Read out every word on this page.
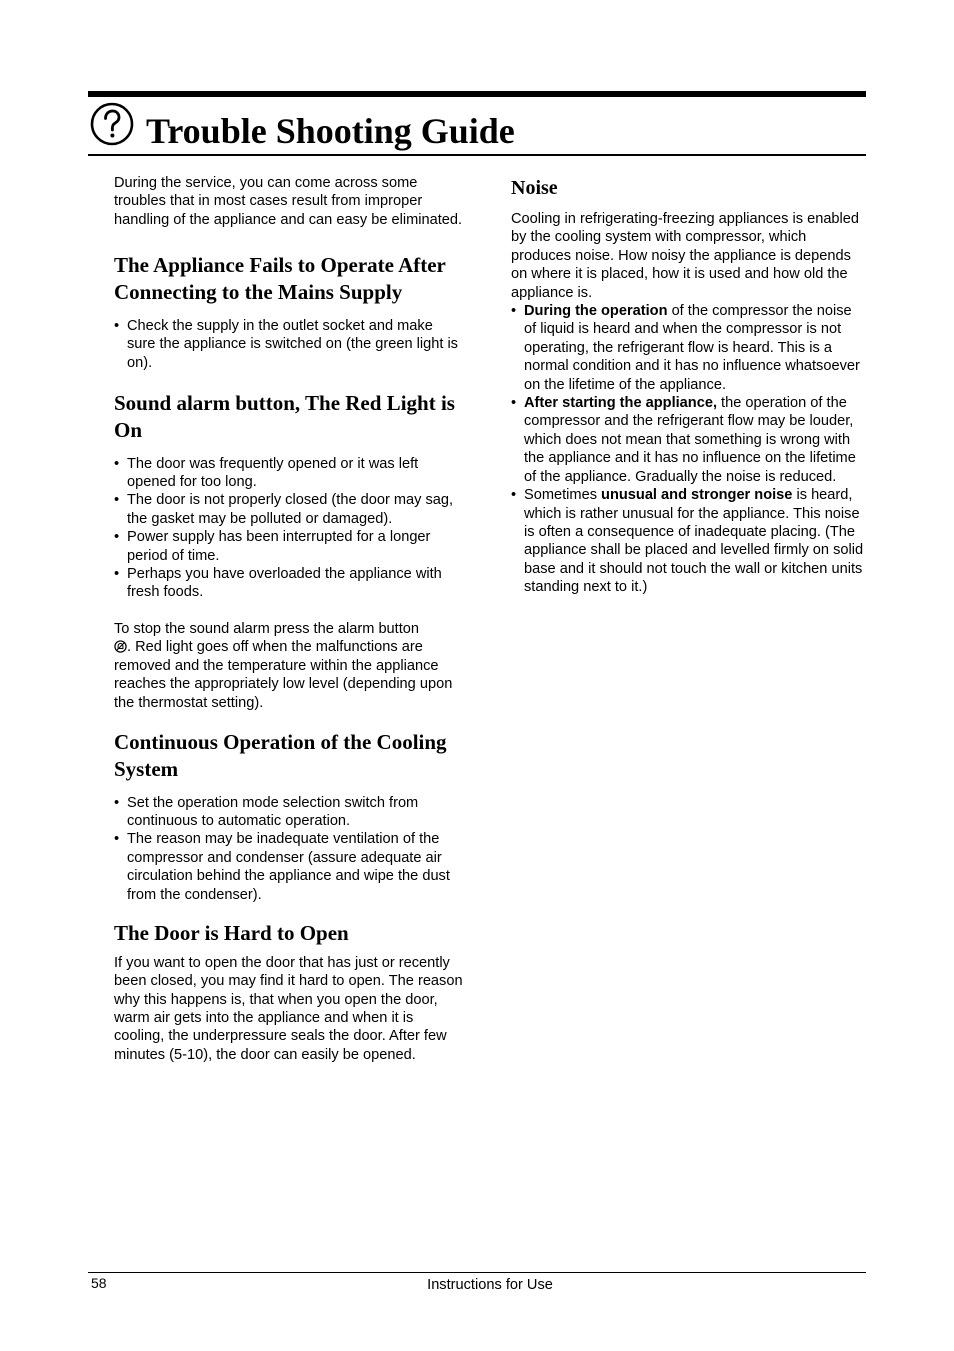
Trouble Shooting Guide

During the service, you can come across some troubles that in most cases result from improper handling of the appliance and can easy be eliminated.

The Appliance Fails to Operate After Connecting to the Mains Supply
• Check the supply in the outlet socket and make sure the appliance is switched on (the green light is on).
Sound alarm button, The Red Light is On
• The door was frequently opened or it was left opened for too long.
• The door is not properly closed (the door may sag, the gasket may be polluted or damaged).
• Power supply has been interrupted for a longer period of time.
• Perhaps you have overloaded the appliance with fresh foods.

To stop the sound alarm press the alarm button
. Red light goes off when the malfunctions are removed and the temperature within the appliance reaches the appropriately low level (depending upon the thermostat setting).

Continuous Operation of the Cooling System
• Set the operation mode selection switch from continuous to automatic operation.
• The reason may be inadequate ventilation of the compressor and condenser (assure adequate air circulation behind the appliance and wipe the dust from the condenser).
The Door is Hard to Open

If you want to open the door that has just or recently been closed, you may find it hard to open. The reason why this happens is, that when you open the door, warm air gets into the appliance and when it is cooling, the underpressure seals the door. After few minutes (5-10), the door can easily be opened.

Noise

Cooling in refrigerating-freezing appliances is enabled by the cooling system with compressor, which produces noise. How noisy the appliance is depends on where it is placed, how it is used and how old the appliance is.

• During the operation of the compressor the noise of liquid is heard and when the compressor is not operating, the refrigerant flow is heard. This is a normal condition and it has no influence whatsoever on the lifetime of the appliance.
• After starting the appliance, the operation of the compressor and the refrigerant flow may be louder, which does not mean that something is wrong with the appliance and it has no influence on the lifetime of the appliance. Gradually the noise is reduced.
• Sometimes unusual and stronger noise is heard, which is rather unusual for the appliance. This noise is often a consequence of inadequate placing. (The appliance shall be placed and levelled firmly on solid base and it should not touch the wall or kitchen units standing next to it.)
58	Instructions for Use
